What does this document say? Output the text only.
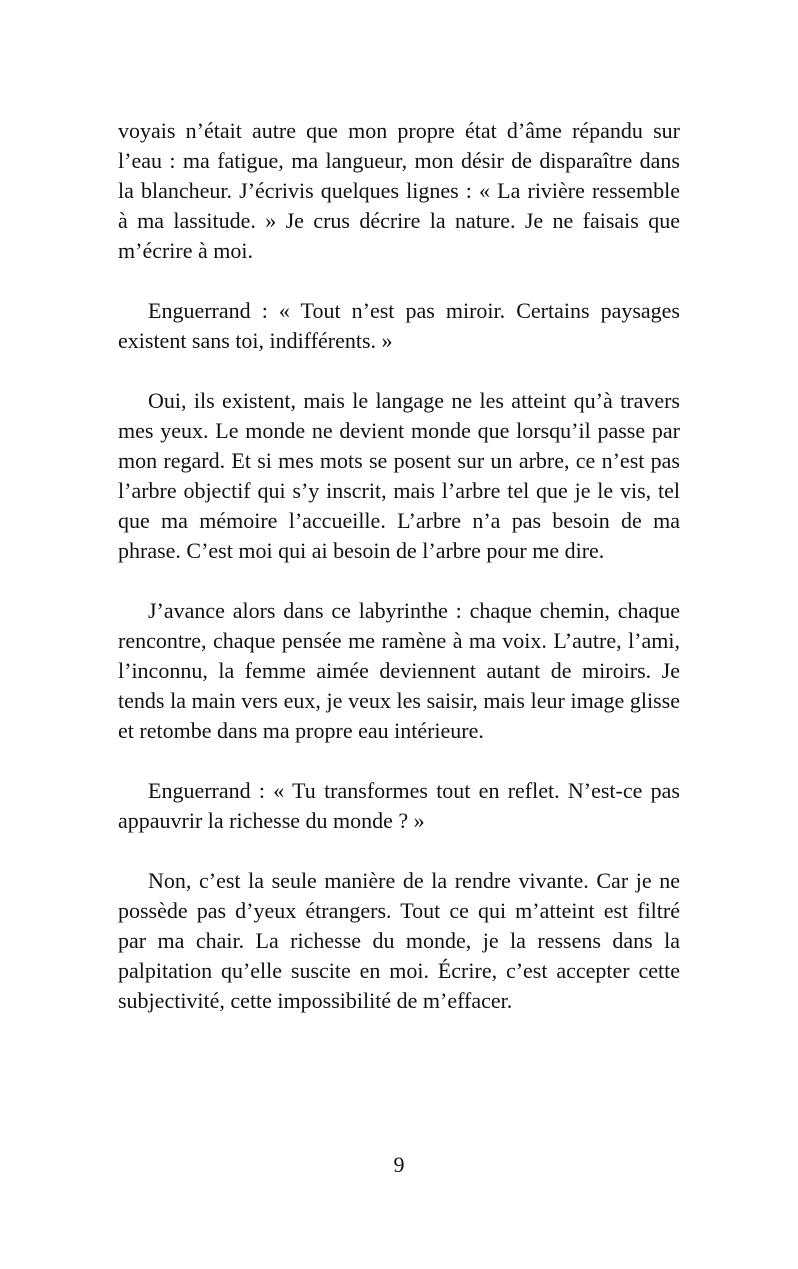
voyais n’était autre que mon propre état d’âme répandu sur l’eau : ma fatigue, ma langueur, mon désir de disparaître dans la blancheur. J’écrivis quelques lignes : « La rivière ressemble à ma lassitude. » Je crus décrire la nature. Je ne faisais que m’écrire à moi.

Enguerrand : « Tout n’est pas miroir. Certains paysages existent sans toi, indifférents. »

Oui, ils existent, mais le langage ne les atteint qu’à travers mes yeux. Le monde ne devient monde que lorsqu’il passe par mon regard. Et si mes mots se posent sur un arbre, ce n’est pas l’arbre objectif qui s’y inscrit, mais l’arbre tel que je le vis, tel que ma mémoire l’accueille. L’arbre n’a pas besoin de ma phrase. C’est moi qui ai besoin de l’arbre pour me dire.

J’avance alors dans ce labyrinthe : chaque chemin, chaque rencontre, chaque pensée me ramène à ma voix. L’autre, l’ami, l’inconnu, la femme aimée deviennent autant de miroirs. Je tends la main vers eux, je veux les saisir, mais leur image glisse et retombe dans ma propre eau intérieure.

Enguerrand : « Tu transformes tout en reflet. N’est-ce pas appauvrir la richesse du monde ? »

Non, c’est la seule manière de la rendre vivante. Car je ne possède pas d’yeux étrangers. Tout ce qui m’atteint est filtré par ma chair. La richesse du monde, je la ressens dans la palpitation qu’elle suscite en moi. Écrire, c’est accepter cette subjectivité, cette impossibilité de m’effacer.

9
